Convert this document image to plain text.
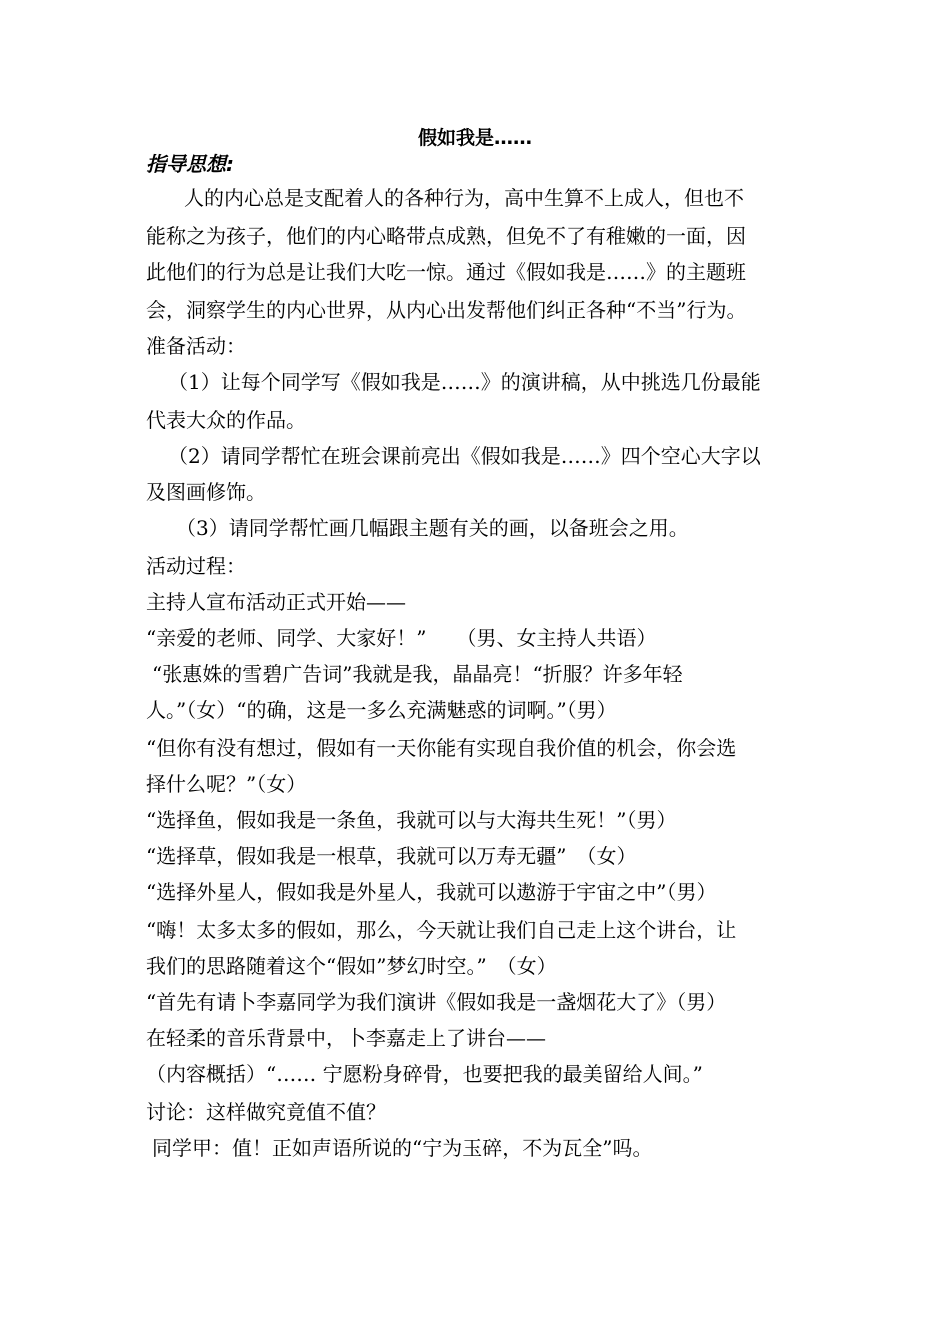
假如我是……
指导思想:
人的内心总是支配着人的各种行为，高中生算不上成人，但也不
能称之为孩子，他们的内心略带点成熟，但免不了有稚嫩的一面，因
此他们的行为总是让我们大吃一惊。通过《假如我是……》的主题班
会，洞察学生的内心世界，从内心出发帮他们纠正各种“不当”行为。
准备活动：
（1）让每个同学写《假如我是……》的演讲稿，从中挑选几份最能
代表大众的作品。
（2）请同学帮忙在班会课前亮出《假如我是……》四个空心大字以
及图画修饰。
（3）请同学帮忙画几幅跟主题有关的画，以备班会之用。
活动过程：
主持人宣布活动正式开始——
“亲爱的老师、同学、大家好！”　　（男、女主持人共语）
“张惠姝的雪碧广告词”我就是我，晶晶亮！“折服？许多年轻
人。”（女）“的确，这是一多么充满魅惑的词啊。”（男）
“但你有没有想过，假如有一天你能有实现自我价值的机会，你会选
择什么呢？”（女）
“选择鱼，假如我是一条鱼，我就可以与大海共生死！”（男）
“选择草，假如我是一根草，我就可以万寿无疆”　（女）
“选择外星人，假如我是外星人，我就可以遨游于宇宙之中”（男）
“嗨！太多太多的假如，那么，今天就让我们自己走上这个讲台，让
我们的思路随着这个“假如”梦幻时空。”　（女）
“首先有请卜李嘉同学为我们演讲《假如我是一盏烟花大了》（男）
在轻柔的音乐背景中，卜李嘉走上了讲台——
（内容概括）“…… 宁愿粉身碎骨，也要把我的最美留给人间。”
讨论：这样做究竟值不值？
同学甲：值！正如声语所说的“宁为玉碎，不为瓦全”吗。
